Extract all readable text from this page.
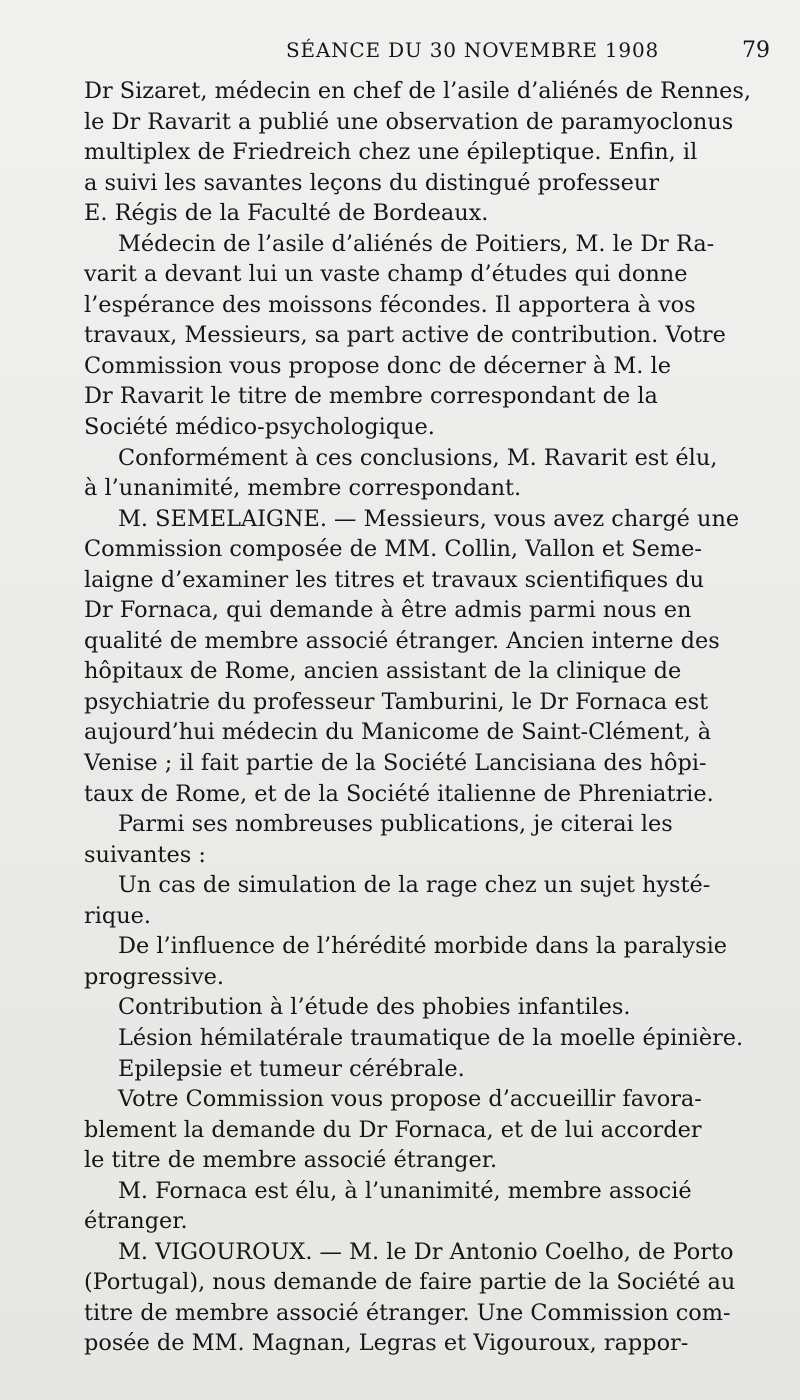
SÉANCE DU 30 NOVEMBRE 1908	79
Dr Sizaret, médecin en chef de l’asile d’aliénés de Rennes,
le Dr Ravarit a publié une observation de paramyoclonus
multiplex de Friedreich chez une épileptique. Enfin, il
a suivi les savantes leçons du distingué professeur
E. Régis de la Faculté de Bordeaux.
Médecin de l’asile d’aliénés de Poitiers, M. le Dr Ra-
varit a devant lui un vaste champ d’études qui donne
l’espérance des moissons fécondes. Il apportera à vos
travaux, Messieurs, sa part active de contribution. Votre
Commission vous propose donc de décerner à M. le
Dr Ravarit le titre de membre correspondant de la
Société médico-psychologique.
Conformément à ces conclusions, M. Ravarit est élu,
à l’unanimité, membre correspondant.
M. SEMELAIGNE. — Messieurs, vous avez chargé une
Commission composée de MM. Collin, Vallon et Seme-
laigne d’examiner les titres et travaux scientifiques du
Dr Fornaca, qui demande à être admis parmi nous en
qualité de membre associé étranger. Ancien interne des
hôpitaux de Rome, ancien assistant de la clinique de
psychiatrie du professeur Tamburini, le Dr Fornaca est
aujourd’hui médecin du Manicome de Saint-Clément, à
Venise ; il fait partie de la Société Lancisiana des hôpi-
taux de Rome, et de la Société italienne de Phreniatrie.
Parmi ses nombreuses publications, je citerai les
suivantes :
Un cas de simulation de la rage chez un sujet hysté-
rique.
De l’influence de l’hérédité morbide dans la paralysie
progressive.
Contribution à l’étude des phobies infantiles.
Lésion hémilatérale traumatique de la moelle épinière.
Epilepsie et tumeur cérébrale.
Votre Commission vous propose d’accueillir favora-
blement la demande du Dr Fornaca, et de lui accorder
le titre de membre associé étranger.
M. Fornaca est élu, à l’unanimité, membre associé
étranger.
M. VIGOUROUX. — M. le Dr Antonio Coelho, de Porto
(Portugal), nous demande de faire partie de la Société au
titre de membre associé étranger. Une Commission com-
posée de MM. Magnan, Legras et Vigouroux, rappor-
